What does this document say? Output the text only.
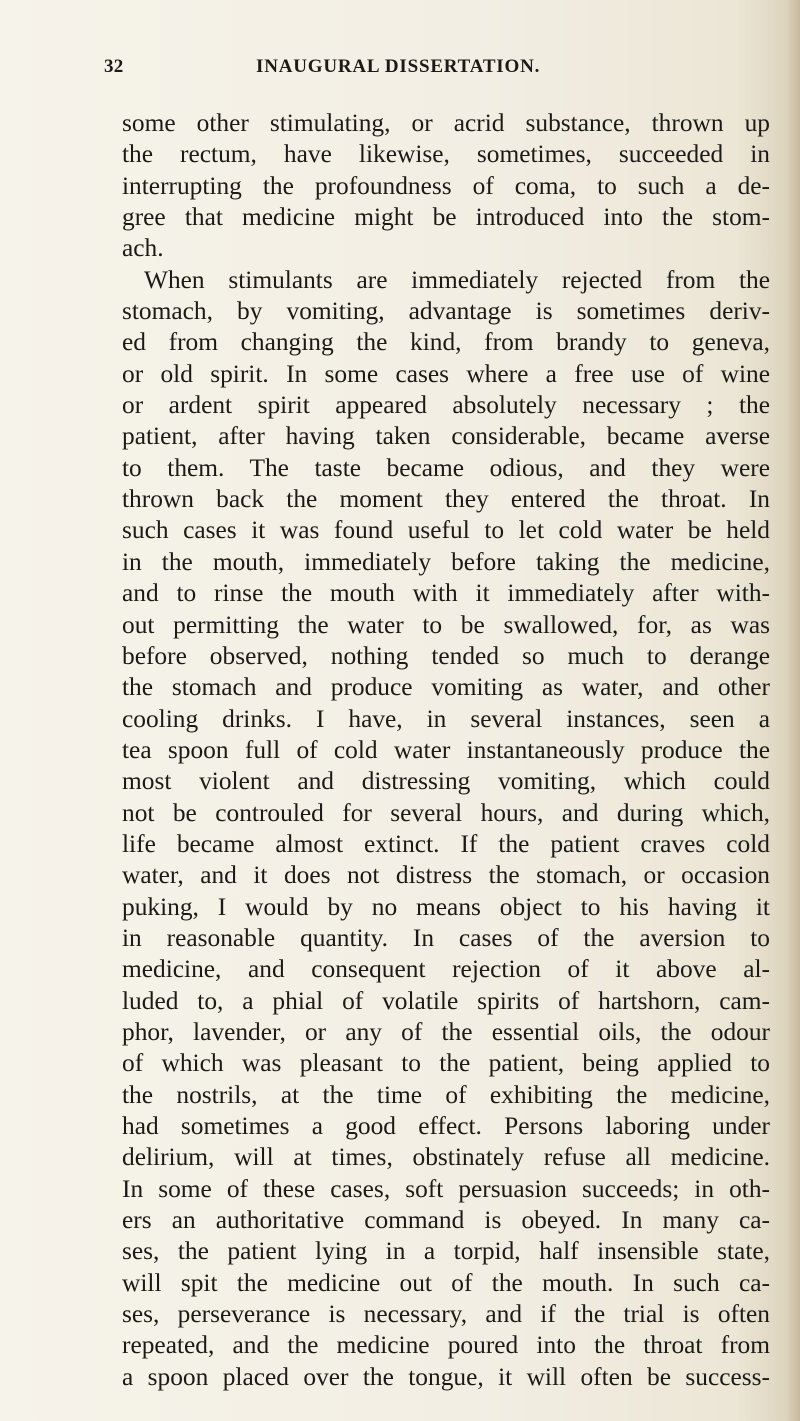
32	INAUGURAL DISSERTATION.
some other stimulating, or acrid substance, thrown up
the rectum, have likewise, sometimes, succeeded in
interrupting the profoundness of coma, to such a de-
gree that medicine might be introduced into the stom-
ach.
When stimulants are immediately rejected from the
stomach, by vomiting, advantage is sometimes deriv-
ed from changing the kind, from brandy to geneva,
or old spirit. In some cases where a free use of wine
or ardent spirit appeared absolutely necessary ; the
patient, after having taken considerable, became averse
to them. The taste became odious, and they were
thrown back the moment they entered the throat. In
such cases it was found useful to let cold water be held
in the mouth, immediately before taking the medicine,
and to rinse the mouth with it immediately after with-
out permitting the water to be swallowed, for, as was
before observed, nothing tended so much to derange
the stomach and produce vomiting as water, and other
cooling drinks. I have, in several instances, seen a
tea spoon full of cold water instantaneously produce the
most violent and distressing vomiting, which could
not be controuled for several hours, and during which,
life became almost extinct. If the patient craves cold
water, and it does not distress the stomach, or occasion
puking, I would by no means object to his having it
in reasonable quantity. In cases of the aversion to
medicine, and consequent rejection of it above al-
luded to, a phial of volatile spirits of hartshorn, cam-
phor, lavender, or any of the essential oils, the odour
of which was pleasant to the patient, being applied to
the nostrils, at the time of exhibiting the medicine,
had sometimes a good effect. Persons laboring under
delirium, will at times, obstinately refuse all medicine.
In some of these cases, soft persuasion succeeds; in oth-
ers an authoritative command is obeyed. In many ca-
ses, the patient lying in a torpid, half insensible state,
will spit the medicine out of the mouth. In such ca-
ses, perseverance is necessary, and if the trial is often
repeated, and the medicine poured into the throat from
a spoon placed over the tongue, it will often be success-
